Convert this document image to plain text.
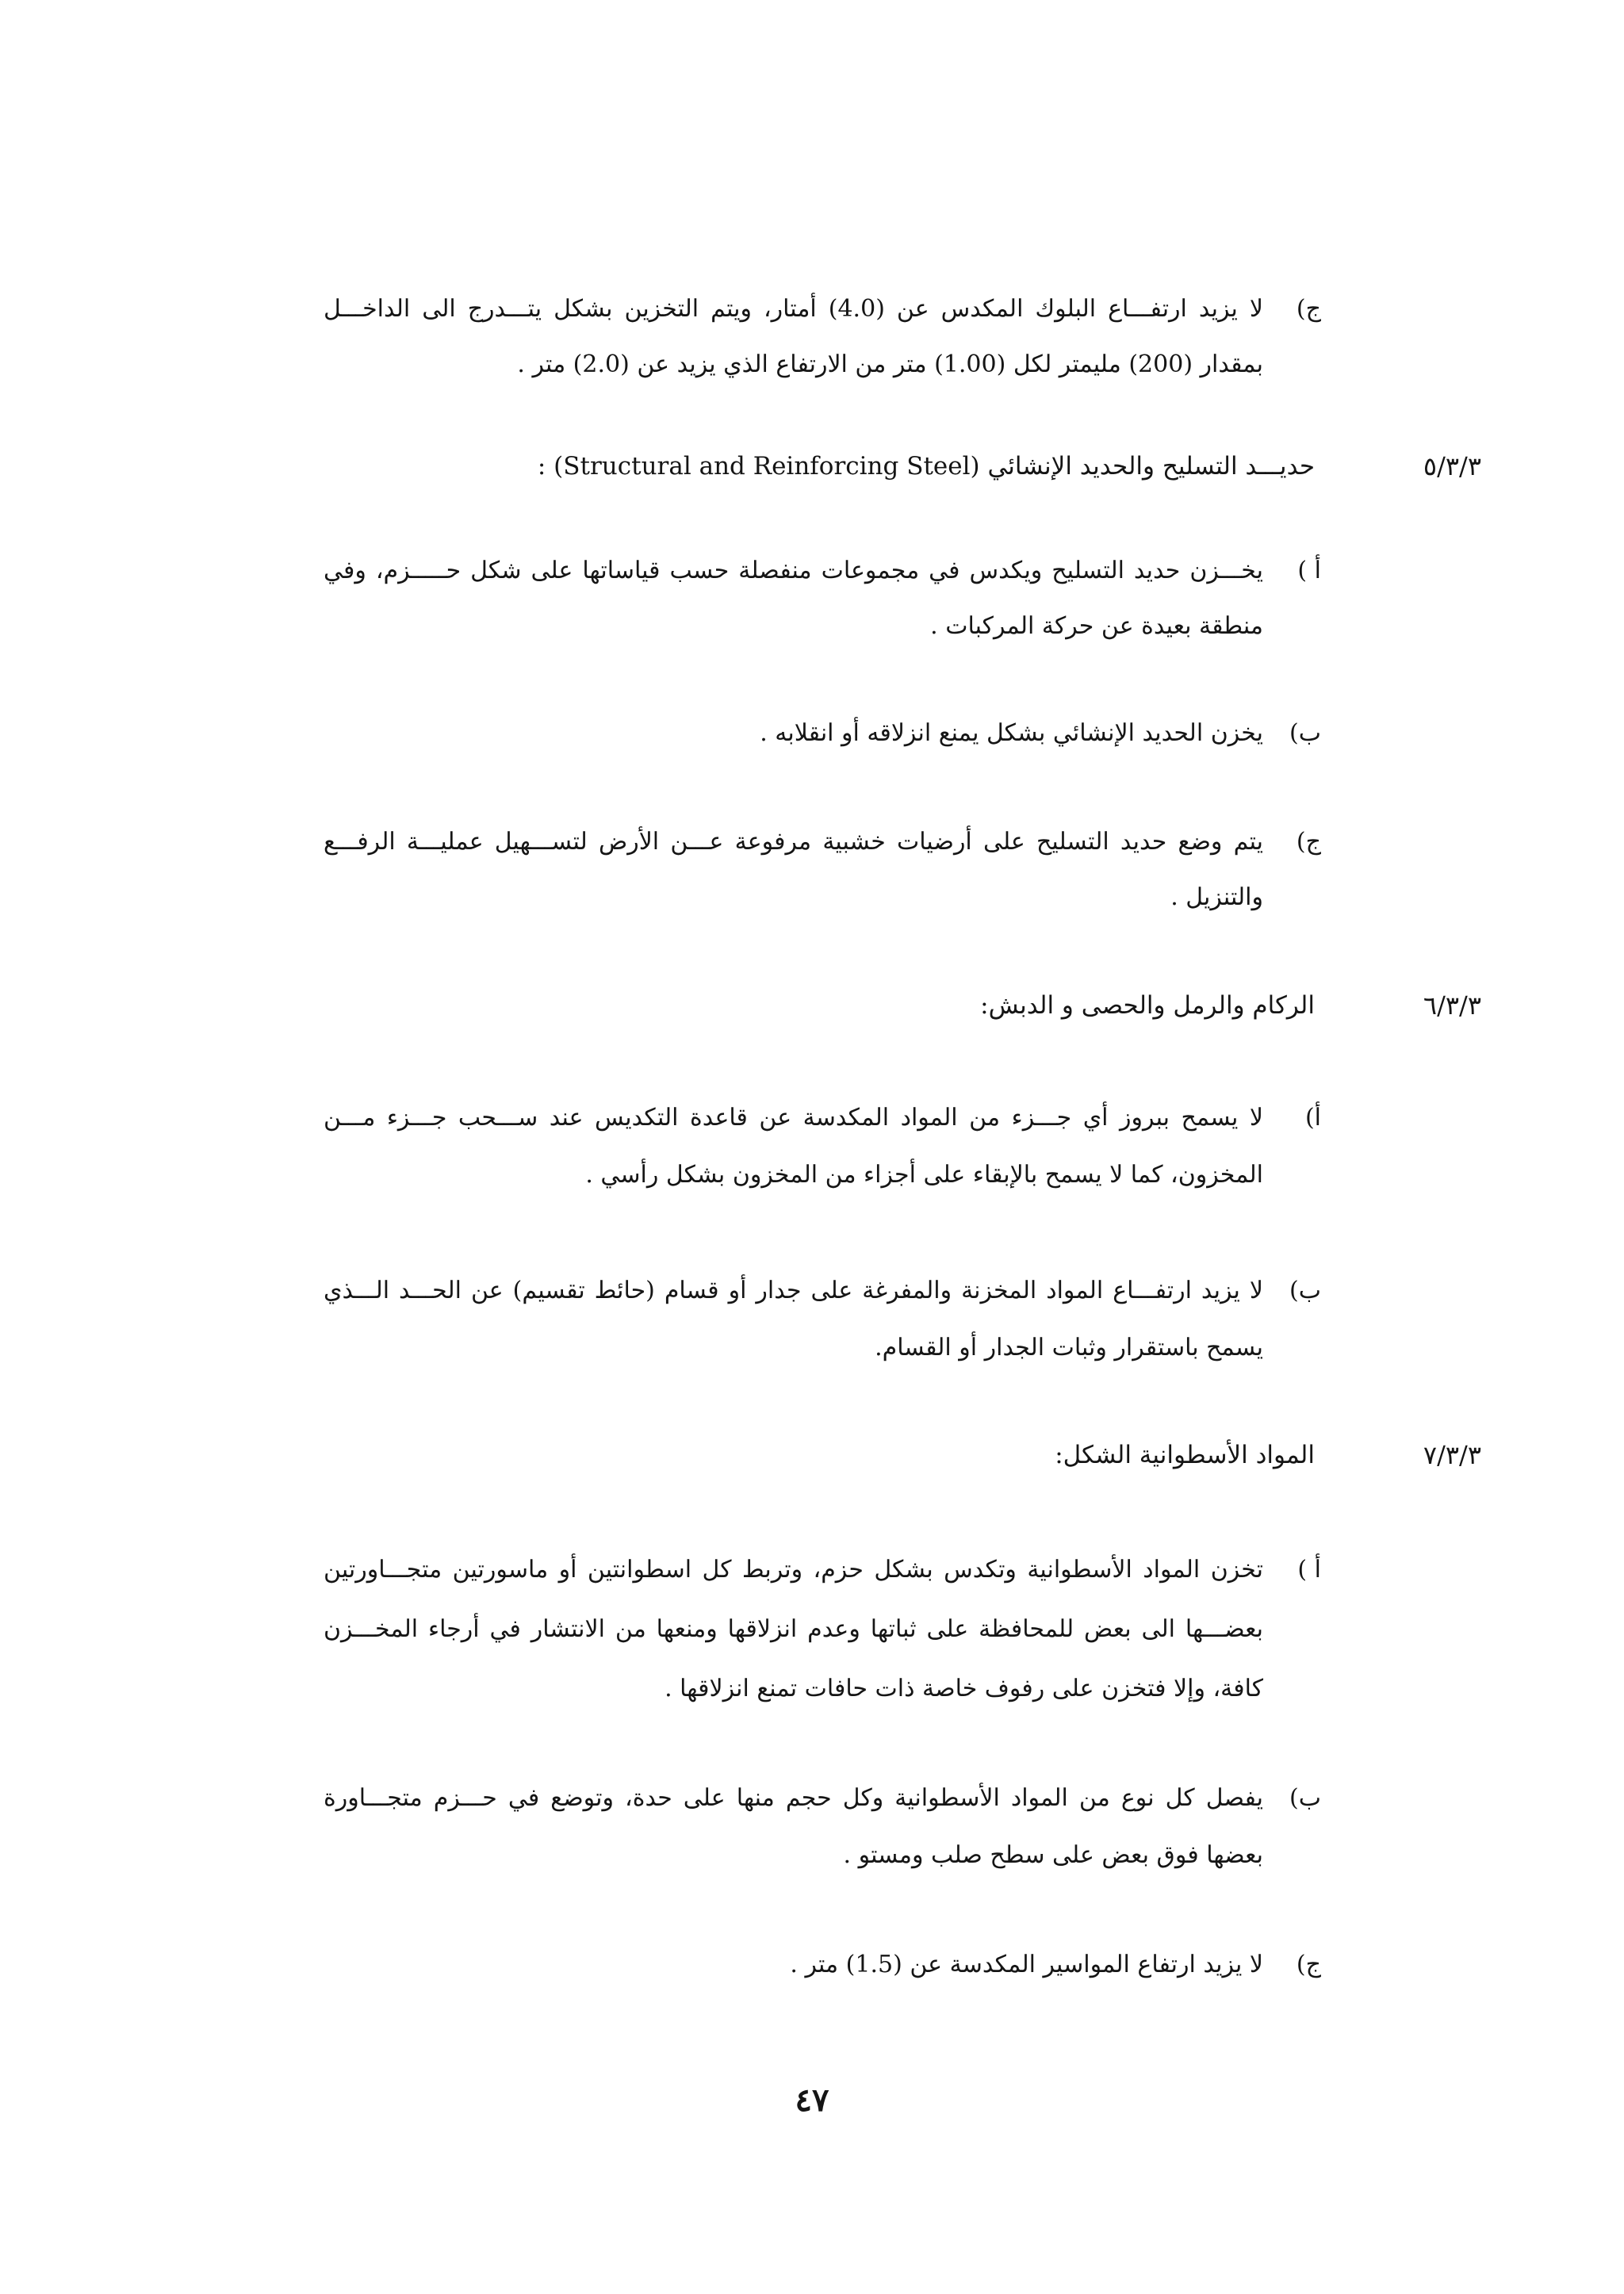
ج)
لا يزيد ارتفـــاع البلوك المكدس عن (4.0) أمتار، ويتم التخزين بشكل يتـــدرج الى الداخـــل
بمقدار (200) مليمتر لكل (1.00) متر من الارتفاع الذي يزيد عن (2.0) متر .
٥/٣/٣
حديـــد التسليح والحديد الإنشائي (Structural and Reinforcing Steel) :
أ )
يخـــزن حديد التسليح ويكدس في مجموعات منفصلة حسب قياساتها على شكل حـــــزم، وفي
منطقة بعيدة عن حركة المركبات .
ب)
يخزن الحديد الإنشائي بشكل يمنع انزلاقه أو انقلابه .
ج)
يتم وضع حديد التسليح على أرضيات خشبية مرفوعة عـــن الأرض لتســـهيل عمليـــة الرفـــع
والتنزيل .
٦/٣/٣
الركام والرمل والحصى و الدبش:
أ)
لا يسمح ببروز أي جـــزء من المواد المكدسة عن قاعدة التكديس عند ســـحب جـــزء مـــن
المخزون، كما لا يسمح بالإبقاء على أجزاء من المخزون بشكل رأسي .
ب)
لا يزيد ارتفـــاع المواد المخزنة والمفرغة على جدار أو قسام (حائط تقسيم) عن الحـــد الـــذي
يسمح باستقرار وثبات الجدار أو القسام.
٧/٣/٣
المواد الأسطوانية الشكل:
أ )
تخزن المواد الأسطوانية وتكدس بشكل حزم، وتربط كل اسطوانتين أو ماسورتين متجـــاورتين
بعضـــها الى بعض للمحافظة على ثباتها وعدم انزلاقها ومنعها من الانتشار في أرجاء المخـــزن
كافة، وإلا فتخزن على رفوف خاصة ذات حافات تمنع انزلاقها .
ب)
يفصل كل نوع من المواد الأسطوانية وكل حجم منها على حدة، وتوضع في حـــزم متجـــاورة
بعضها فوق بعض على سطح صلب ومستو .
ج)
لا يزيد ارتفاع المواسير المكدسة عن (1.5) متر .
٤٧
